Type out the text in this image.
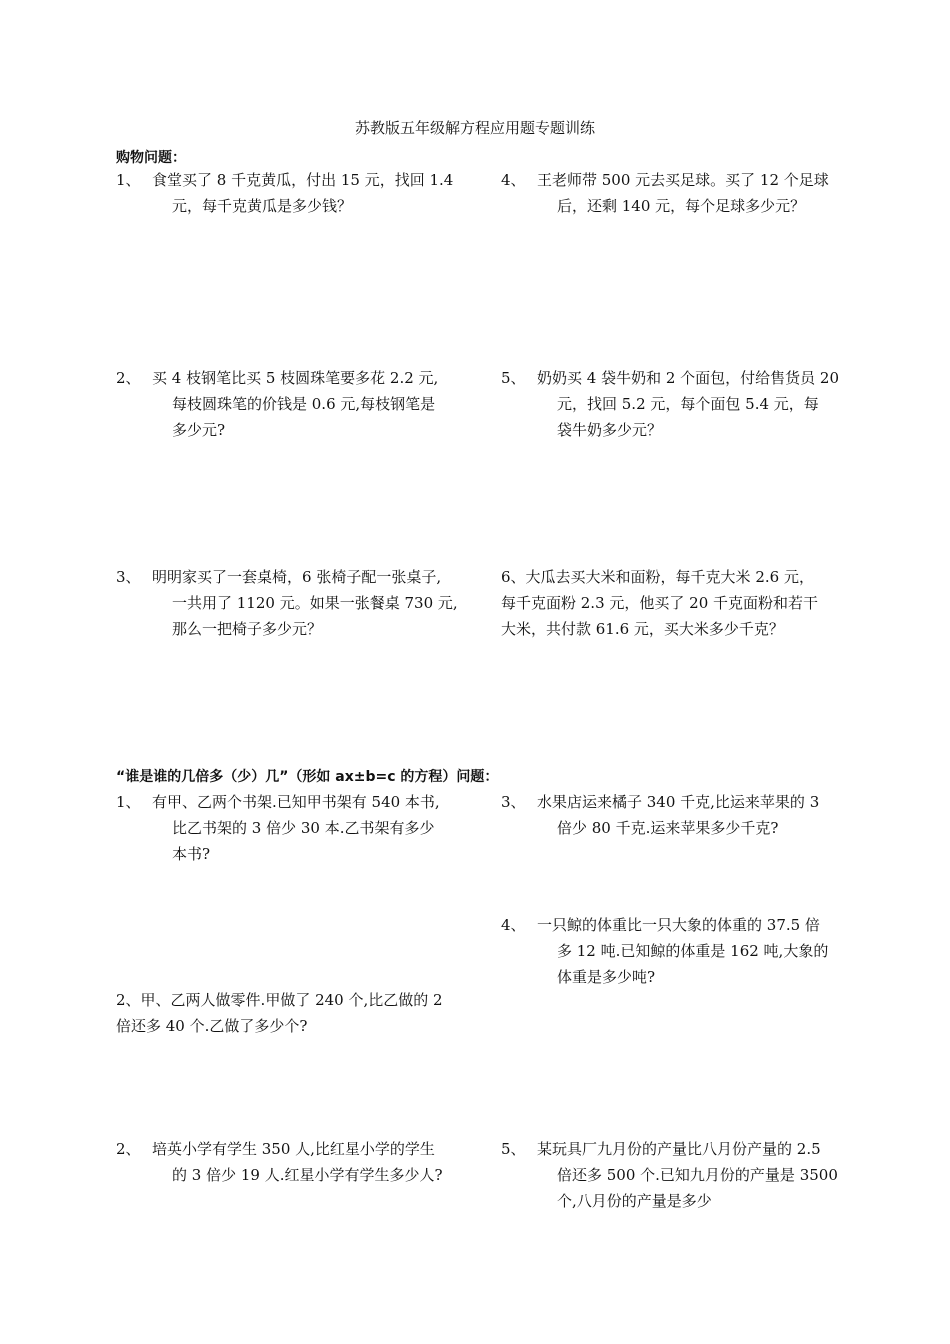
苏教版五年级解方程应用题专题训练
购物问题：
1、 食堂买了 8 千克黄瓜，付出 15 元，找回 1.4
元，每千克黄瓜是多少钱？
4、 王老师带 500 元去买足球。买了 12 个足球
后，还剩 140 元，每个足球多少元？
2、 买 4 枝钢笔比买 5 枝圆珠笔要多花 2.2 元,
每枝圆珠笔的价钱是 0.6 元,每枝钢笔是
多少元?
5、 奶奶买 4 袋牛奶和 2 个面包，付给售货员 20
元，找回 5.2 元，每个面包 5.4 元，每
袋牛奶多少元？
3、 明明家买了一套桌椅，6 张椅子配一张桌子,
一共用了 1120 元。如果一张餐桌 730 元,
那么一把椅子多少元？
6、大瓜去买大米和面粉，每千克大米 2.6 元，
每千克面粉 2.3 元，他买了 20 千克面粉和若干
大米，共付款 61.6 元，买大米多少千克？
“谁是谁的几倍多（少）几”（形如 ax±b=c 的方程）问题：
1、 有甲、乙两个书架.已知甲书架有 540 本书,
比乙书架的 3 倍少 30 本.乙书架有多少
本书?
3、 水果店运来橘子 340 千克,比运来苹果的 3
倍少 80 千克.运来苹果多少千克?
4、 一只鲸的体重比一只大象的体重的 37.5 倍
多 12 吨.已知鲸的体重是 162 吨,大象的
体重是多少吨?
2、甲、乙两人做零件.甲做了 240 个,比乙做的 2
倍还多 40 个.乙做了多少个?
2、 培英小学有学生 350 人,比红星小学的学生
的 3 倍少 19 人.红星小学有学生多少人?
5、 某玩具厂九月份的产量比八月份产量的 2.5
倍还多 500 个.已知九月份的产量是 3500
个,八月份的产量是多少
